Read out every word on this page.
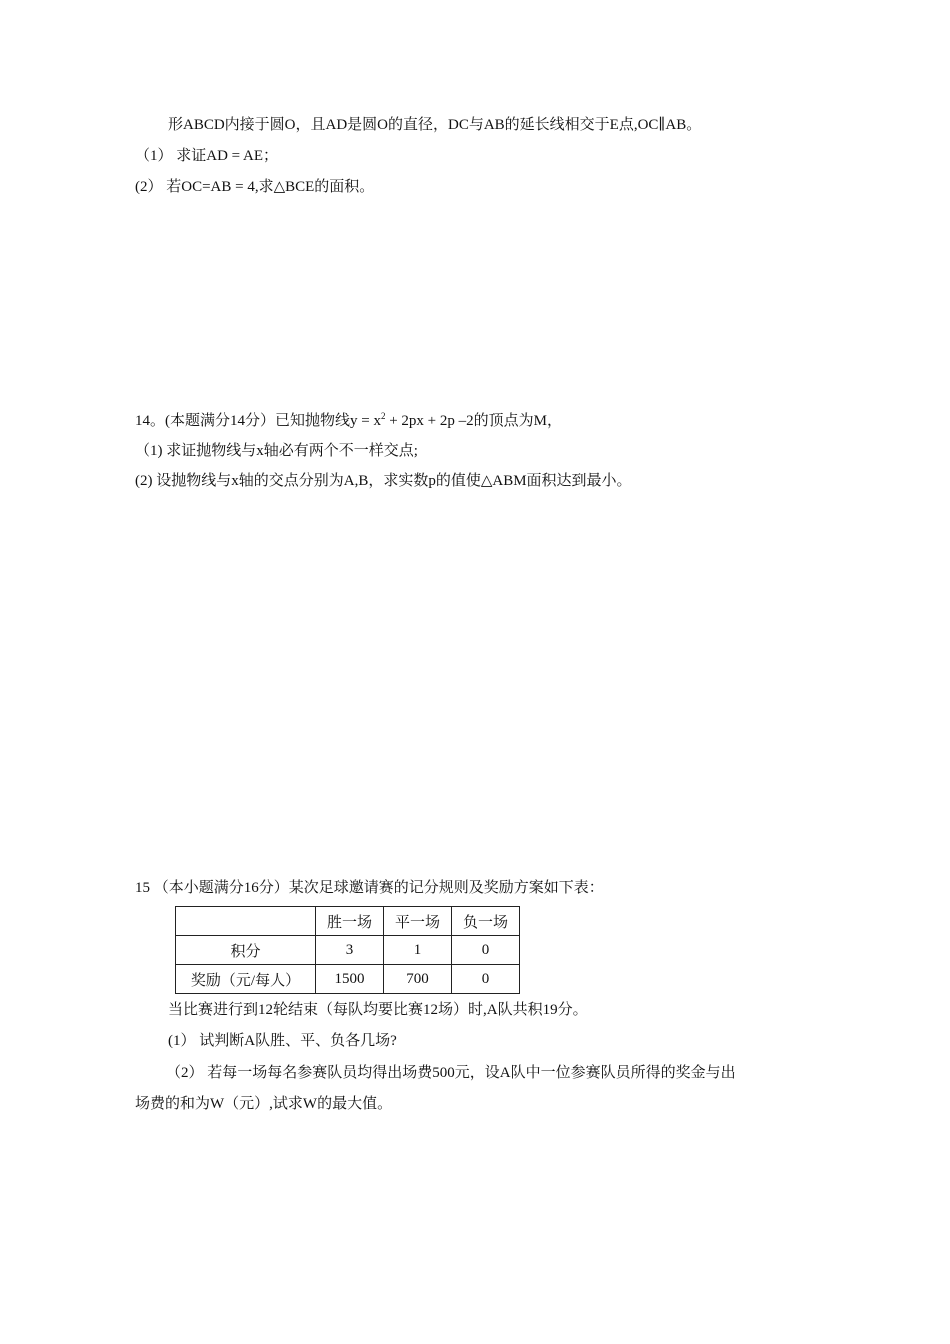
形ABCD内接于圆O，且AD是圆O的直径，DC与AB的延长线相交于E点,OC∥AB。
（1） 求证AD = AE；
(2） 若OC=AB = 4,求△BCE的面积。
14。(本题满分14分）已知抛物线$y = x^2 + 2px + 2p$ –2的顶点为M，
（1) 求证抛物线与x轴必有两个不一样交点;
(2) 设抛物线与x轴的交点分别为A,B，求实数p的值使△ABM面积达到最小。
15 （本小题满分16分）某次足球邀请赛的记分规则及奖励方案如下表：
	胜一场	平一场	负一场
积分	3	1	0
奖励（元/每人）	1500	700	0
当比赛进行到12轮结束（每队均要比赛12场）时,A队共积19分。
(1） 试判断A队胜、平、负各几场?
（2） 若每一场每名参赛队员均得出场费500元，设A队中一位参赛队员所得的奖金与出
场费的和为W（元）,试求W的最大值。
